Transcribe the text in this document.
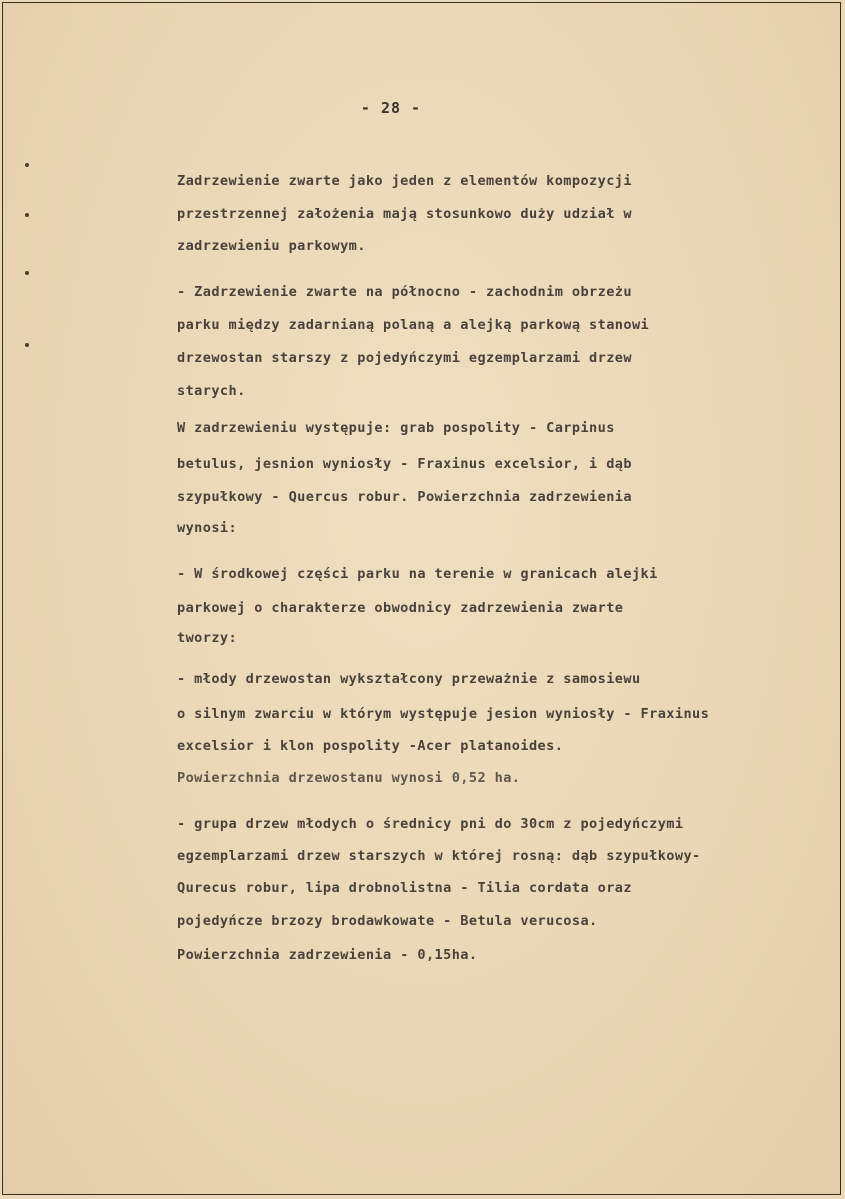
- 28 -

Zadrzewienie zwarte jako jeden z elementów kompozycji

przestrzennej założenia mają stosunkowo duży udział w

zadrzewieniu parkowym.

- Zadrzewienie zwarte na północno - zachodnim obrzeżu

parku między zadarnianą polaną a alejką parkową stanowi

drzewostan starszy z pojedyńczymi egzemplarzami drzew

starych.

W zadrzewieniu występuje: grab pospolity - Carpinus

betulus, jesnion wyniosły - Fraxinus excelsior, i dąb

szypułkowy - Quercus robur. Powierzchnia zadrzewienia

wynosi:

- W środkowej części parku na terenie w granicach alejki

parkowej o charakterze obwodnicy zadrzewienia zwarte

tworzy:

- młody drzewostan wykształcony przeważnie z samosiewu

o silnym zwarciu w którym występuje jesion wyniosły - Fraxinus

excelsior i klon pospolity -Acer platanoides.

Powierzchnia drzewostanu wynosi 0,52 ha.

- grupa drzew młodych o średnicy pni do 30cm z pojedyńczymi

egzemplarzami drzew starszych w której rosną: dąb szypułkowy-

Qurecus robur, lipa drobnolistna - Tilia cordata oraz

pojedyńcze brzozy brodawkowate - Betula verucosa.

Powierzchnia zadrzewienia - 0,15ha.
